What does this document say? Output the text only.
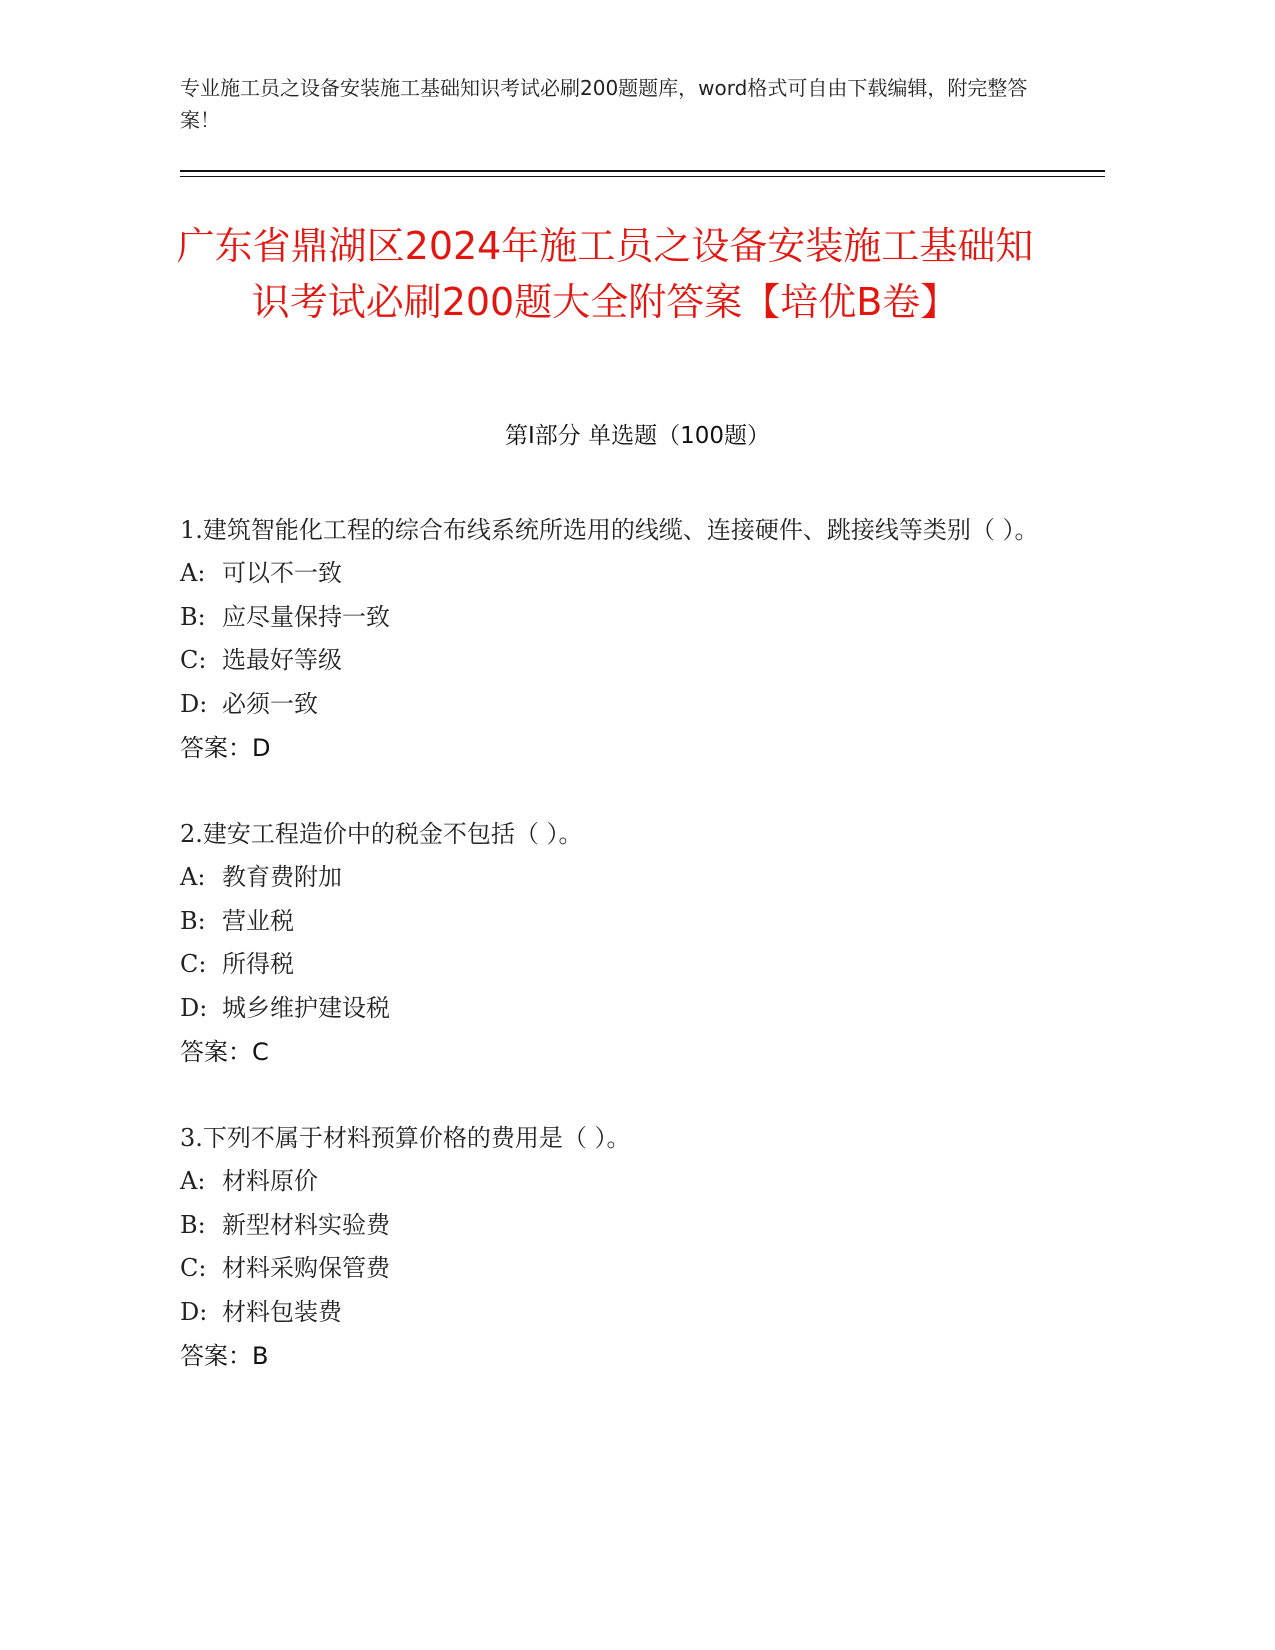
专业施工员之设备安装施工基础知识考试必刷200题题库，word格式可自由下载编辑，附完整答案！
广东省鼎湖区2024年施工员之设备安装施工基础知识考试必刷200题大全附答案【培优B卷】
第Ⅰ部分 单选题（100题）
1.建筑智能化工程的综合布线系统所选用的线缆、连接硬件、跳接线等类别（ ）。
A: 可以不一致
B: 应尽量保持一致
C: 选最好等级
D: 必须一致
答案：D
2.建安工程造价中的税金不包括（ ）。
A: 教育费附加
B: 营业税
C: 所得税
D: 城乡维护建设税
答案：C
3.下列不属于材料预算价格的费用是（ ）。
A: 材料原价
B: 新型材料实验费
C: 材料采购保管费
D: 材料包装费
答案：B
